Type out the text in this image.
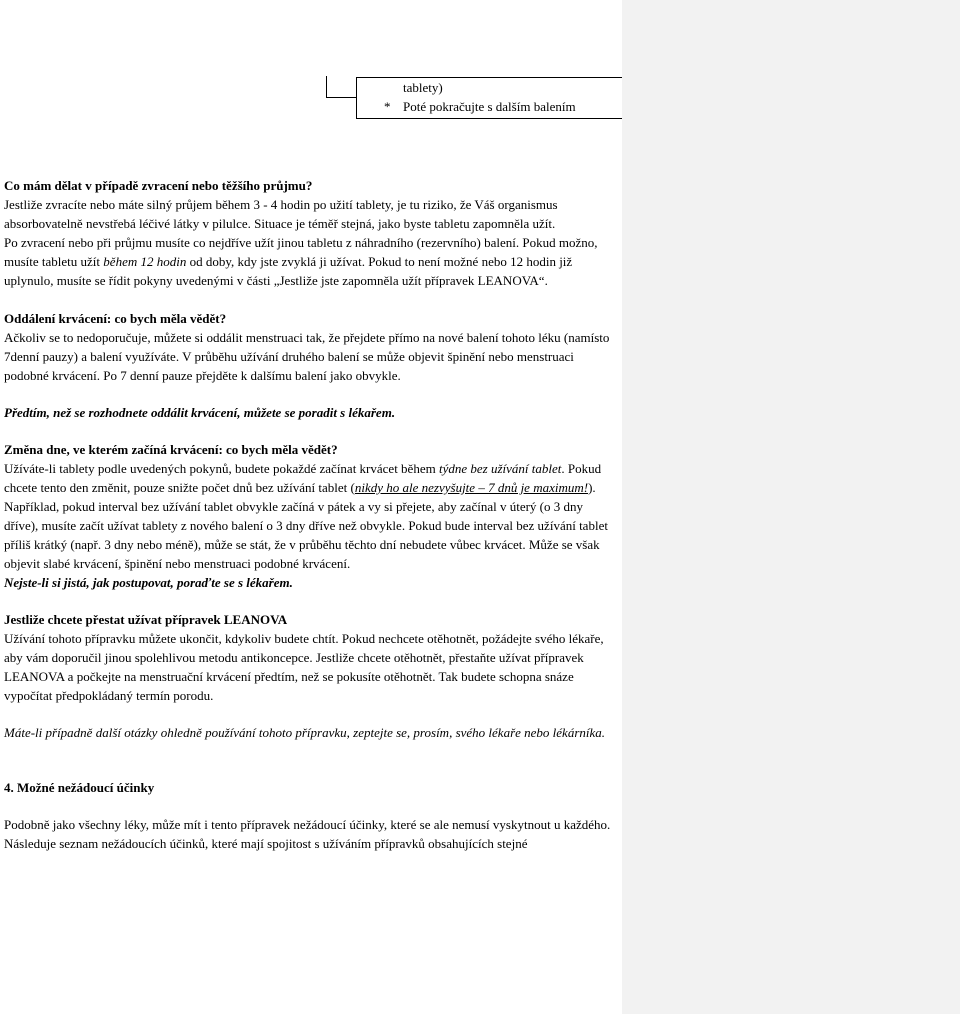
tablety)
* Poté pokračujte s dalším balením

Co mám dělat v případě zvracení nebo těžšího průjmu?

Jestliže zvracíte nebo máte silný průjem během 3 - 4 hodin po užití tablety, je tu riziko, že Váš organismus absorbovatelně nevstřebá léčivé látky v pilulce. Situace je téměř stejná, jako byste tabletu zapomněla užít.

Po zvracení nebo při průjmu musíte co nejdříve užít jinou tabletu z náhradního (rezervního) balení. Pokud možno, musíte tabletu užít během 12 hodin od doby, kdy jste zvyklá ji užívat. Pokud to není možné nebo 12 hodin již uplynulo, musíte se řídit pokyny uvedenými v části „Jestliže jste zapomněla užít přípravek LEANOVA“.

Oddálení krvácení: co bych měla vědět?

Ačkoliv se to nedoporučuje, můžete si oddálit menstruaci tak, že přejdete přímo na nové balení tohoto léku (namísto 7denní pauzy) a balení využíváte. V průběhu užívání druhého balení se může objevit špinění nebo menstruaci podobné krvácení. Po 7 denní pauze přejděte k dalšímu balení jako obvykle.

Předtím, než se rozhodnete oddálit krvácení, můžete se poradit s lékařem.

Změna dne, ve kterém začíná krvácení: co bych měla vědět?

Užíváte-li tablety podle uvedených pokynů, budete pokaždé začínat krvácet během týdne bez užívání tablet. Pokud chcete tento den změnit, pouze snižte počet dnů bez užívání tablet (nikdy ho ale nezvyšujte – 7 dnů je maximum!). Například, pokud interval bez užívání tablet obvykle začíná v pátek a vy si přejete, aby začínal v úterý (o 3 dny dříve), musíte začít užívat tablety z nového balení o 3 dny dříve než obvykle. Pokud bude interval bez užívání tablet příliš krátký (např. 3 dny nebo méně), může se stát, že v průběhu těchto dní nebudete vůbec krvácet. Může se však objevit slabé krvácení, špinění nebo menstruaci podobné krvácení.

Nejste-li si jistá, jak postupovat, poraďte se s lékařem.

Jestliže chcete přestat užívat přípravek LEANOVA

Užívání tohoto přípravku můžete ukončit, kdykoliv budete chtít. Pokud nechcete otěhotnět, požádejte svého lékaře, aby vám doporučil jinou spolehlivou metodu antikoncepce. Jestliže chcete otěhotnět, přestaňte užívat přípravek LEANOVA a počkejte na menstruační krvácení předtím, než se pokusíte otěhotnět. Tak budete schopna snáze vypočítat předpokládaný termín porodu.

Máte-li případně další otázky ohledně používání tohoto přípravku, zeptejte se, prosím, svého lékaře nebo lékárníka.

4. Možné nežádoucí účinky

Podobně jako všechny léky, může mít i tento přípravek nežádoucí účinky, které se ale nemusí vyskytnout u každého.

Následuje seznam nežádoucích účinků, které mají spojitost s užíváním přípravků obsahujících stejné
